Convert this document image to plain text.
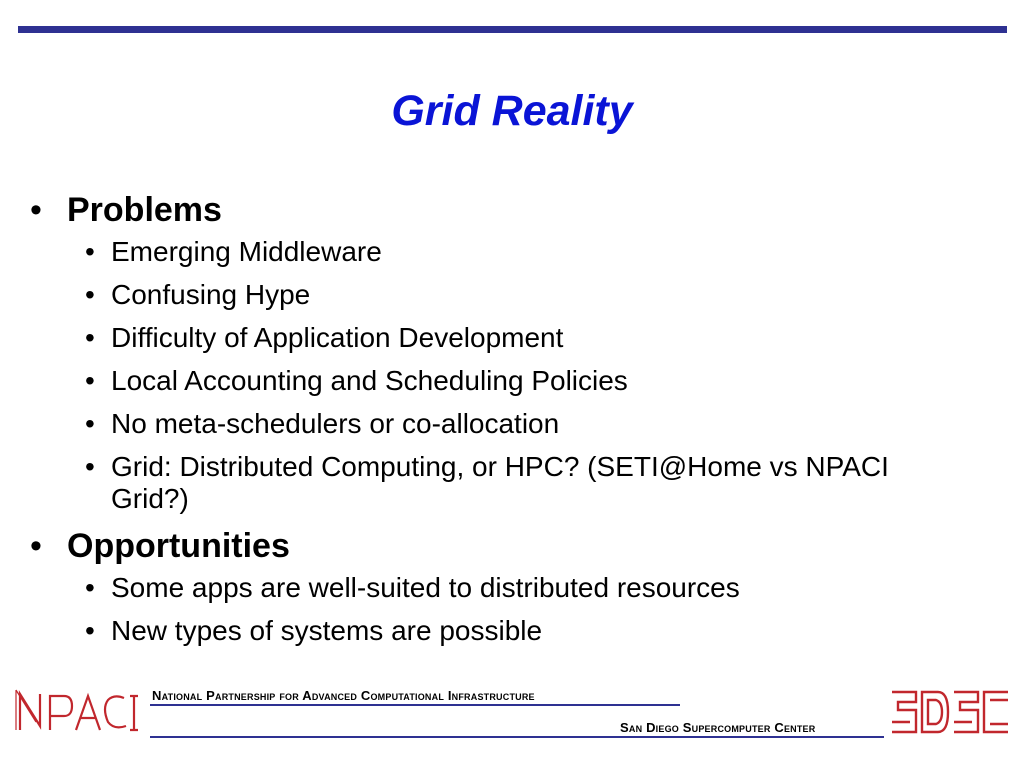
Grid Reality
• Problems
• Emerging Middleware
• Confusing Hype
• Difficulty of Application Development
• Local Accounting and Scheduling Policies
• No meta-schedulers or co-allocation
• Grid: Distributed Computing, or HPC? (SETI@Home vs NPACI Grid?)
• Opportunities
• Some apps are well-suited to distributed resources
• New types of systems are possible
National Partnership for Advanced Computational Infrastructure
San Diego Supercomputer Center
